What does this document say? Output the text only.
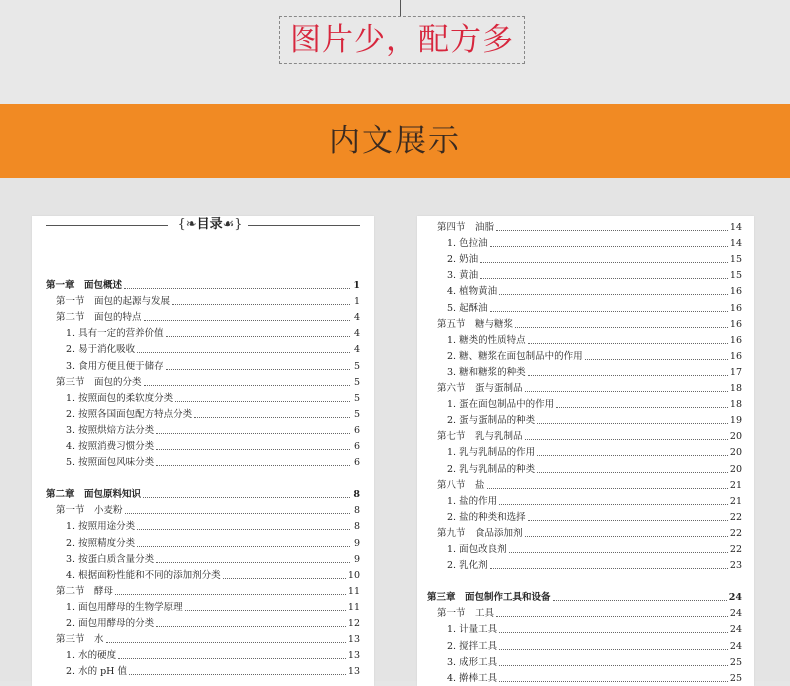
图片少，配方多
内文展示
{❧目录☙}
第一章　面包概述	1
第一节　面包的起源与发展	1
第二节　面包的特点	4
1. 具有一定的营养价值	4
2. 易于消化吸收	4
3. 食用方便且便于储存	5
第三节　面包的分类	5
1. 按照面包的柔软度分类	5
2. 按照各国面包配方特点分类	5
3. 按照烘焙方法分类	6
4. 按照消费习惯分类	6
5. 按照面包风味分类	6
第二章　面包原料知识	8
第一节　小麦粉	8
1. 按照用途分类	8
2. 按照精度分类	9
3. 按蛋白质含量分类	9
4. 根据面粉性能和不同的添加剂分类	10
第二节　酵母	11
1. 面包用酵母的生物学原理	11
2. 面包用酵母的分类	12
第三节　水	13
1. 水的硬度	13
2. 水的 pH 值	13
第四节　油脂	14
1. 色拉油	14
2. 奶油	15
3. 黄油	15
4. 植物黄油	16
5. 起酥油	16
第五节　糖与糖浆	16
1. 糖类的性质特点	16
2. 糖、糖浆在面包制品中的作用	16
3. 糖和糖浆的种类	17
第六节　蛋与蛋制品	18
1. 蛋在面包制品中的作用	18
2. 蛋与蛋制品的种类	19
第七节　乳与乳制品	20
1. 乳与乳制品的作用	20
2. 乳与乳制品的种类	20
第八节　盐	21
1. 盐的作用	21
2. 盐的种类和选择	22
第九节　食品添加剂	22
1. 面包改良剂	22
2. 乳化剂	23
第三章　面包制作工具和设备	24
第一节　工具	24
1. 计量工具	24
2. 搅拌工具	24
3. 成形工具	25
4. 擀棒工具	25
